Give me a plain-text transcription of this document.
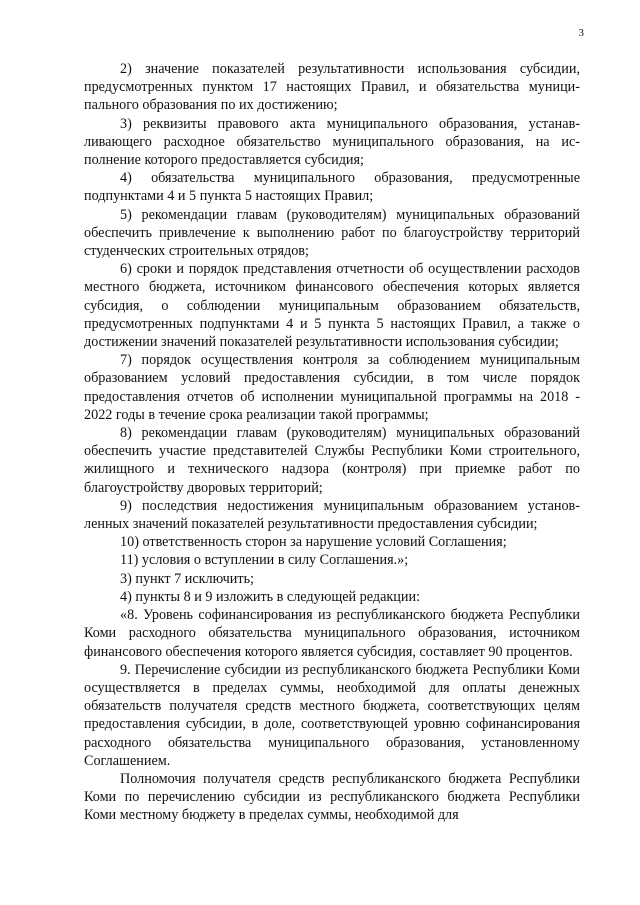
3

2) значение показателей результативности использования субсидии, предусмотренных пунктом 17 настоящих Правил, и обязательства муниципального образования по их достижению;

3) реквизиты правового акта муниципального образования, устанавливающего расходное обязательство муниципального образования, на исполнение которого предоставляется субсидия;

4) обязательства муниципального образования, предусмотренные подпунктами 4 и 5 пункта 5 настоящих Правил;

5) рекомендации главам (руководителям) муниципальных образований обеспечить привлечение к выполнению работ по благоустройству территорий студенческих строительных отрядов;

6) сроки и порядок представления отчетности об осуществлении расходов местного бюджета, источником финансового обеспечения которых является субсидия, о соблюдении муниципальным образованием обязательств, предусмотренных подпунктами 4 и 5 пункта 5 настоящих Правил, а также о достижении значений показателей результативности использования субсидии;

7) порядок осуществления контроля за соблюдением муниципальным образованием условий предоставления субсидии, в том числе порядок предоставления отчетов об исполнении муниципальной программы на 2018 - 2022 годы в течение срока реализации такой программы;

8) рекомендации главам (руководителям) муниципальных образований обеспечить участие представителей Службы Республики Коми строительного, жилищного и технического надзора (контроля) при приемке работ по благоустройству дворовых территорий;

9) последствия недостижения муниципальным образованием установленных значений показателей результативности предоставления субсидии;

10) ответственность сторон за нарушение условий Соглашения;

11) условия о вступлении в силу Соглашения.»;

3) пункт 7 исключить;

4) пункты 8 и 9 изложить в следующей редакции:

«8. Уровень софинансирования из республиканского бюджета Республики Коми расходного обязательства муниципального образования, источником финансового обеспечения которого является субсидия, составляет 90 процентов.

9. Перечисление субсидии из республиканского бюджета Республики Коми осуществляется в пределах суммы, необходимой для оплаты денежных обязательств получателя средств местного бюджета, соответствующих целям предоставления субсидии, в доле, соответствующей уровню софинансирования расходного обязательства муниципального образования, установленному Соглашением.

Полномочия получателя средств республиканского бюджета Республики Коми по перечислению субсидии из республиканского бюджета Республики Коми местному бюджету в пределах суммы, необходимой для
